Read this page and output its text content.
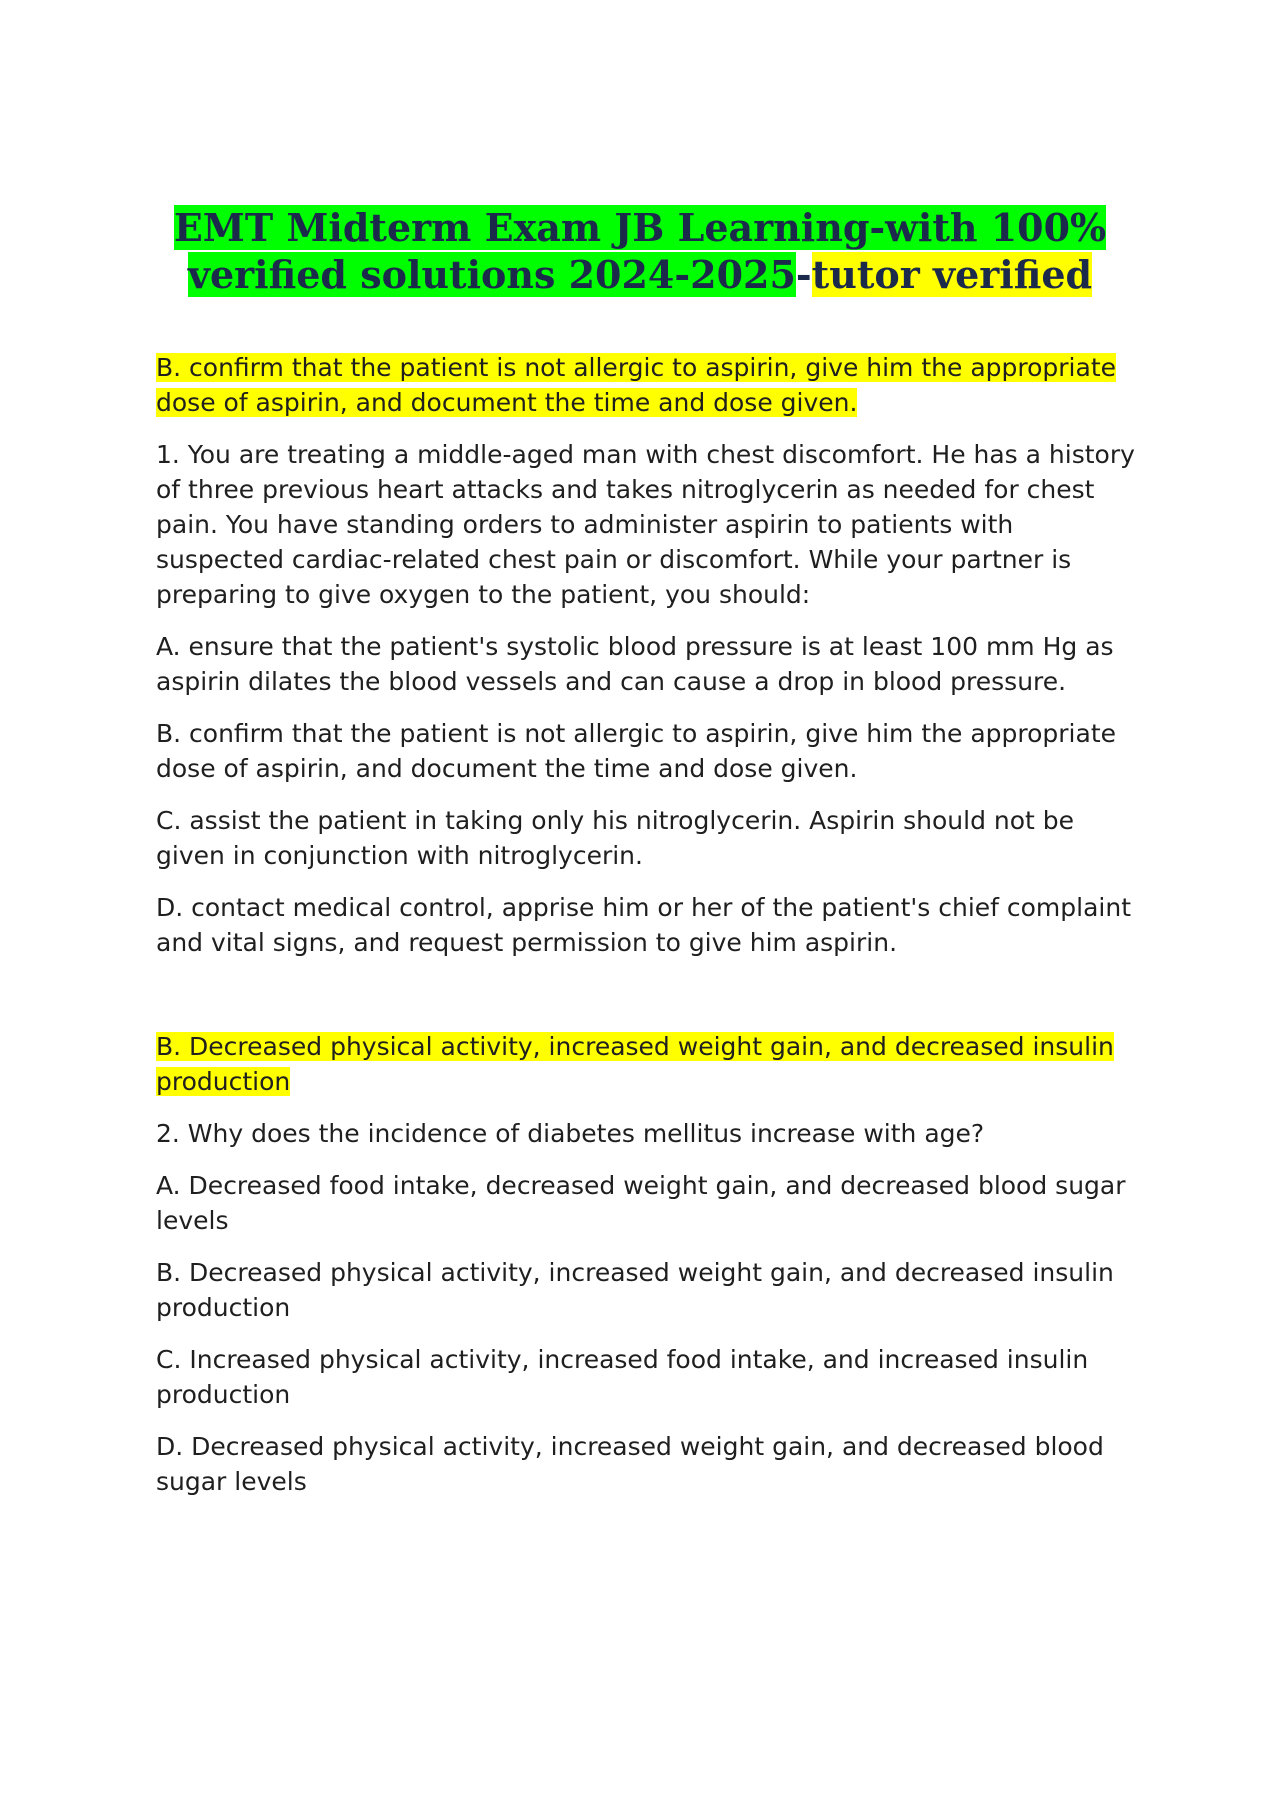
EMT Midterm Exam JB Learning-with 100% verified solutions 2024-2025-tutor verified

B. confirm that the patient is not allergic to aspirin, give him the appropriate dose of aspirin, and document the time and dose given.

1. You are treating a middle-aged man with chest discomfort. He has a history of three previous heart attacks and takes nitroglycerin as needed for chest pain. You have standing orders to administer aspirin to patients with suspected cardiac-related chest pain or discomfort. While your partner is preparing to give oxygen to the patient, you should:

A. ensure that the patient's systolic blood pressure is at least 100 mm Hg as aspirin dilates the blood vessels and can cause a drop in blood pressure.

B. confirm that the patient is not allergic to aspirin, give him the appropriate dose of aspirin, and document the time and dose given.

C. assist the patient in taking only his nitroglycerin. Aspirin should not be given in conjunction with nitroglycerin.

D. contact medical control, apprise him or her of the patient's chief complaint and vital signs, and request permission to give him aspirin.

B. Decreased physical activity, increased weight gain, and decreased insulin production

2. Why does the incidence of diabetes mellitus increase with age?

A. Decreased food intake, decreased weight gain, and decreased blood sugar levels

B. Decreased physical activity, increased weight gain, and decreased insulin production

C. Increased physical activity, increased food intake, and increased insulin production

D. Decreased physical activity, increased weight gain, and decreased blood sugar levels
